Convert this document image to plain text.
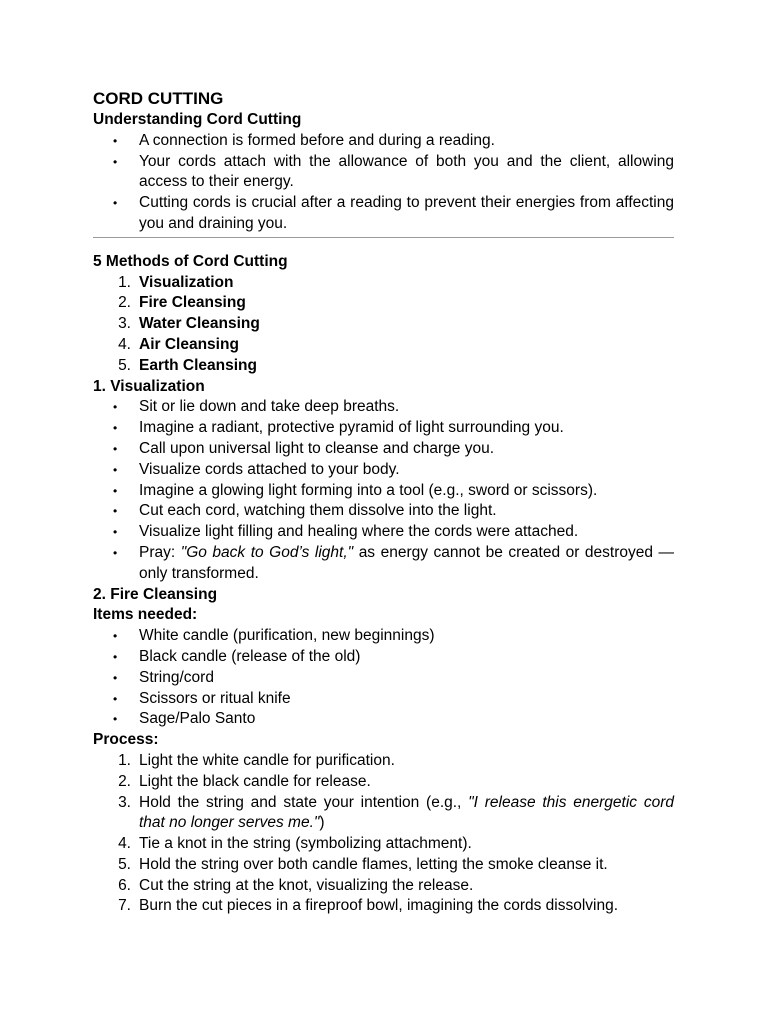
CORD CUTTING
Understanding Cord Cutting
• A connection is formed before and during a reading.
• Your cords attach with the allowance of both you and the client, allowing access to their energy.
• Cutting cords is crucial after a reading to prevent their energies from affecting you and draining you.
5 Methods of Cord Cutting
1. Visualization
2. Fire Cleansing
3. Water Cleansing
4. Air Cleansing
5. Earth Cleansing
1. Visualization
• Sit or lie down and take deep breaths.
• Imagine a radiant, protective pyramid of light surrounding you.
• Call upon universal light to cleanse and charge you.
• Visualize cords attached to your body.
• Imagine a glowing light forming into a tool (e.g., sword or scissors).
• Cut each cord, watching them dissolve into the light.
• Visualize light filling and healing where the cords were attached.
• Pray: "Go back to God’s light," as energy cannot be created or destroyed —only transformed.
2. Fire Cleansing
Items needed:
• White candle (purification, new beginnings)
• Black candle (release of the old)
• String/cord
• Scissors or ritual knife
• Sage/Palo Santo
Process:
1. Light the white candle for purification.
2. Light the black candle for release.
3. Hold the string and state your intention (e.g., "I release this energetic cord that no longer serves me.")
4. Tie a knot in the string (symbolizing attachment).
5. Hold the string over both candle flames, letting the smoke cleanse it.
6. Cut the string at the knot, visualizing the release.
7. Burn the cut pieces in a fireproof bowl, imagining the cords dissolving.
